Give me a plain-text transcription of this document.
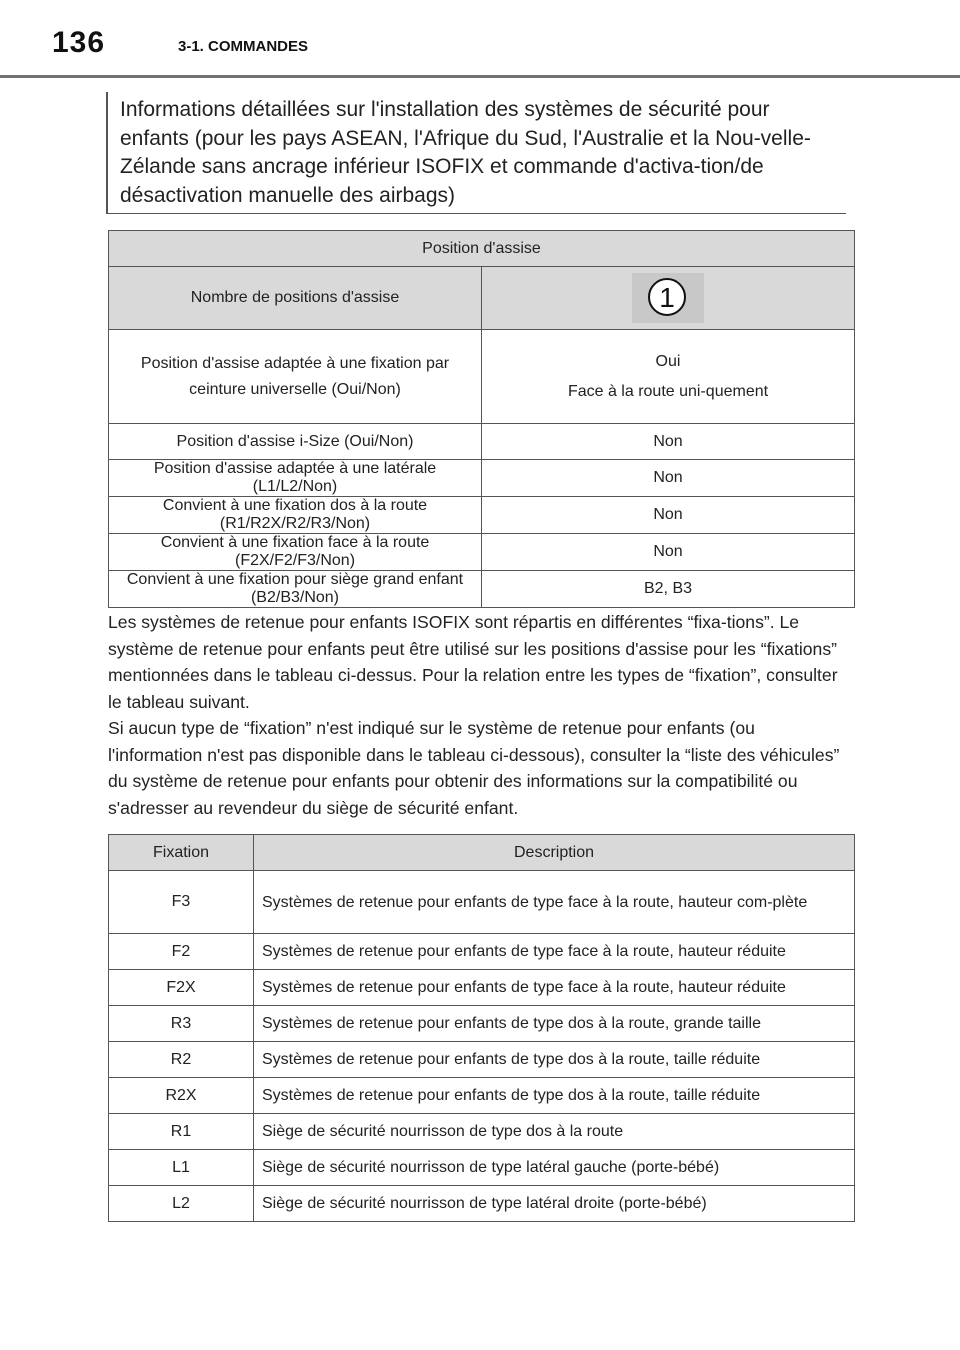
136	3-1. COMMANDES
Informations détaillées sur l'installation des systèmes de sécurité pour enfants (pour les pays ASEAN, l'Afrique du Sud, l'Australie et la Nou-velle-Zélande sans ancrage inférieur ISOFIX et commande d'activa-tion/de désactivation manuelle des airbags)
Position d'assise	
Nombre de positions d'assise	1

Position d'assise adaptée à une fixation par ceinture universelle (Oui/Non)	Oui
Face à la route uni-quement

Position d'assise i-Size (Oui/Non)	Non
Position d'assise adaptée à une latérale (L1/L2/Non)	Non
Convient à une fixation dos à la route (R1/R2X/R2/R3/Non)	Non
Convient à une fixation face à la route (F2X/F2/F3/Non)	Non
Convient à une fixation pour siège grand enfant (B2/B3/Non)	B2, B3

Les systèmes de retenue pour enfants ISOFIX sont répartis en différentes “fixa-tions”. Le système de retenue pour enfants peut être utilisé sur les positions d'assise pour les “fixations” mentionnées dans le tableau ci-dessus. Pour la relation entre les types de “fixation”, consulter le tableau suivant.

Si aucun type de “fixation” n'est indiqué sur le système de retenue pour enfants (ou l'information n'est pas disponible dans le tableau ci-dessous), consulter la “liste des véhicules” du système de retenue pour enfants pour obtenir des informations sur la compatibilité ou s'adresser au revendeur du siège de sécurité enfant.

Fixation	Description
F3	Systèmes de retenue pour enfants de type face à la route, hauteur com-plète
F2	Systèmes de retenue pour enfants de type face à la route, hauteur réduite
F2X	Systèmes de retenue pour enfants de type face à la route, hauteur réduite
R3	Systèmes de retenue pour enfants de type dos à la route, grande taille
R2	Systèmes de retenue pour enfants de type dos à la route, taille réduite
R2X	Systèmes de retenue pour enfants de type dos à la route, taille réduite
R1	Siège de sécurité nourrisson de type dos à la route
L1	Siège de sécurité nourrisson de type latéral gauche (porte-bébé)
L2	Siège de sécurité nourrisson de type latéral droite (porte-bébé)
